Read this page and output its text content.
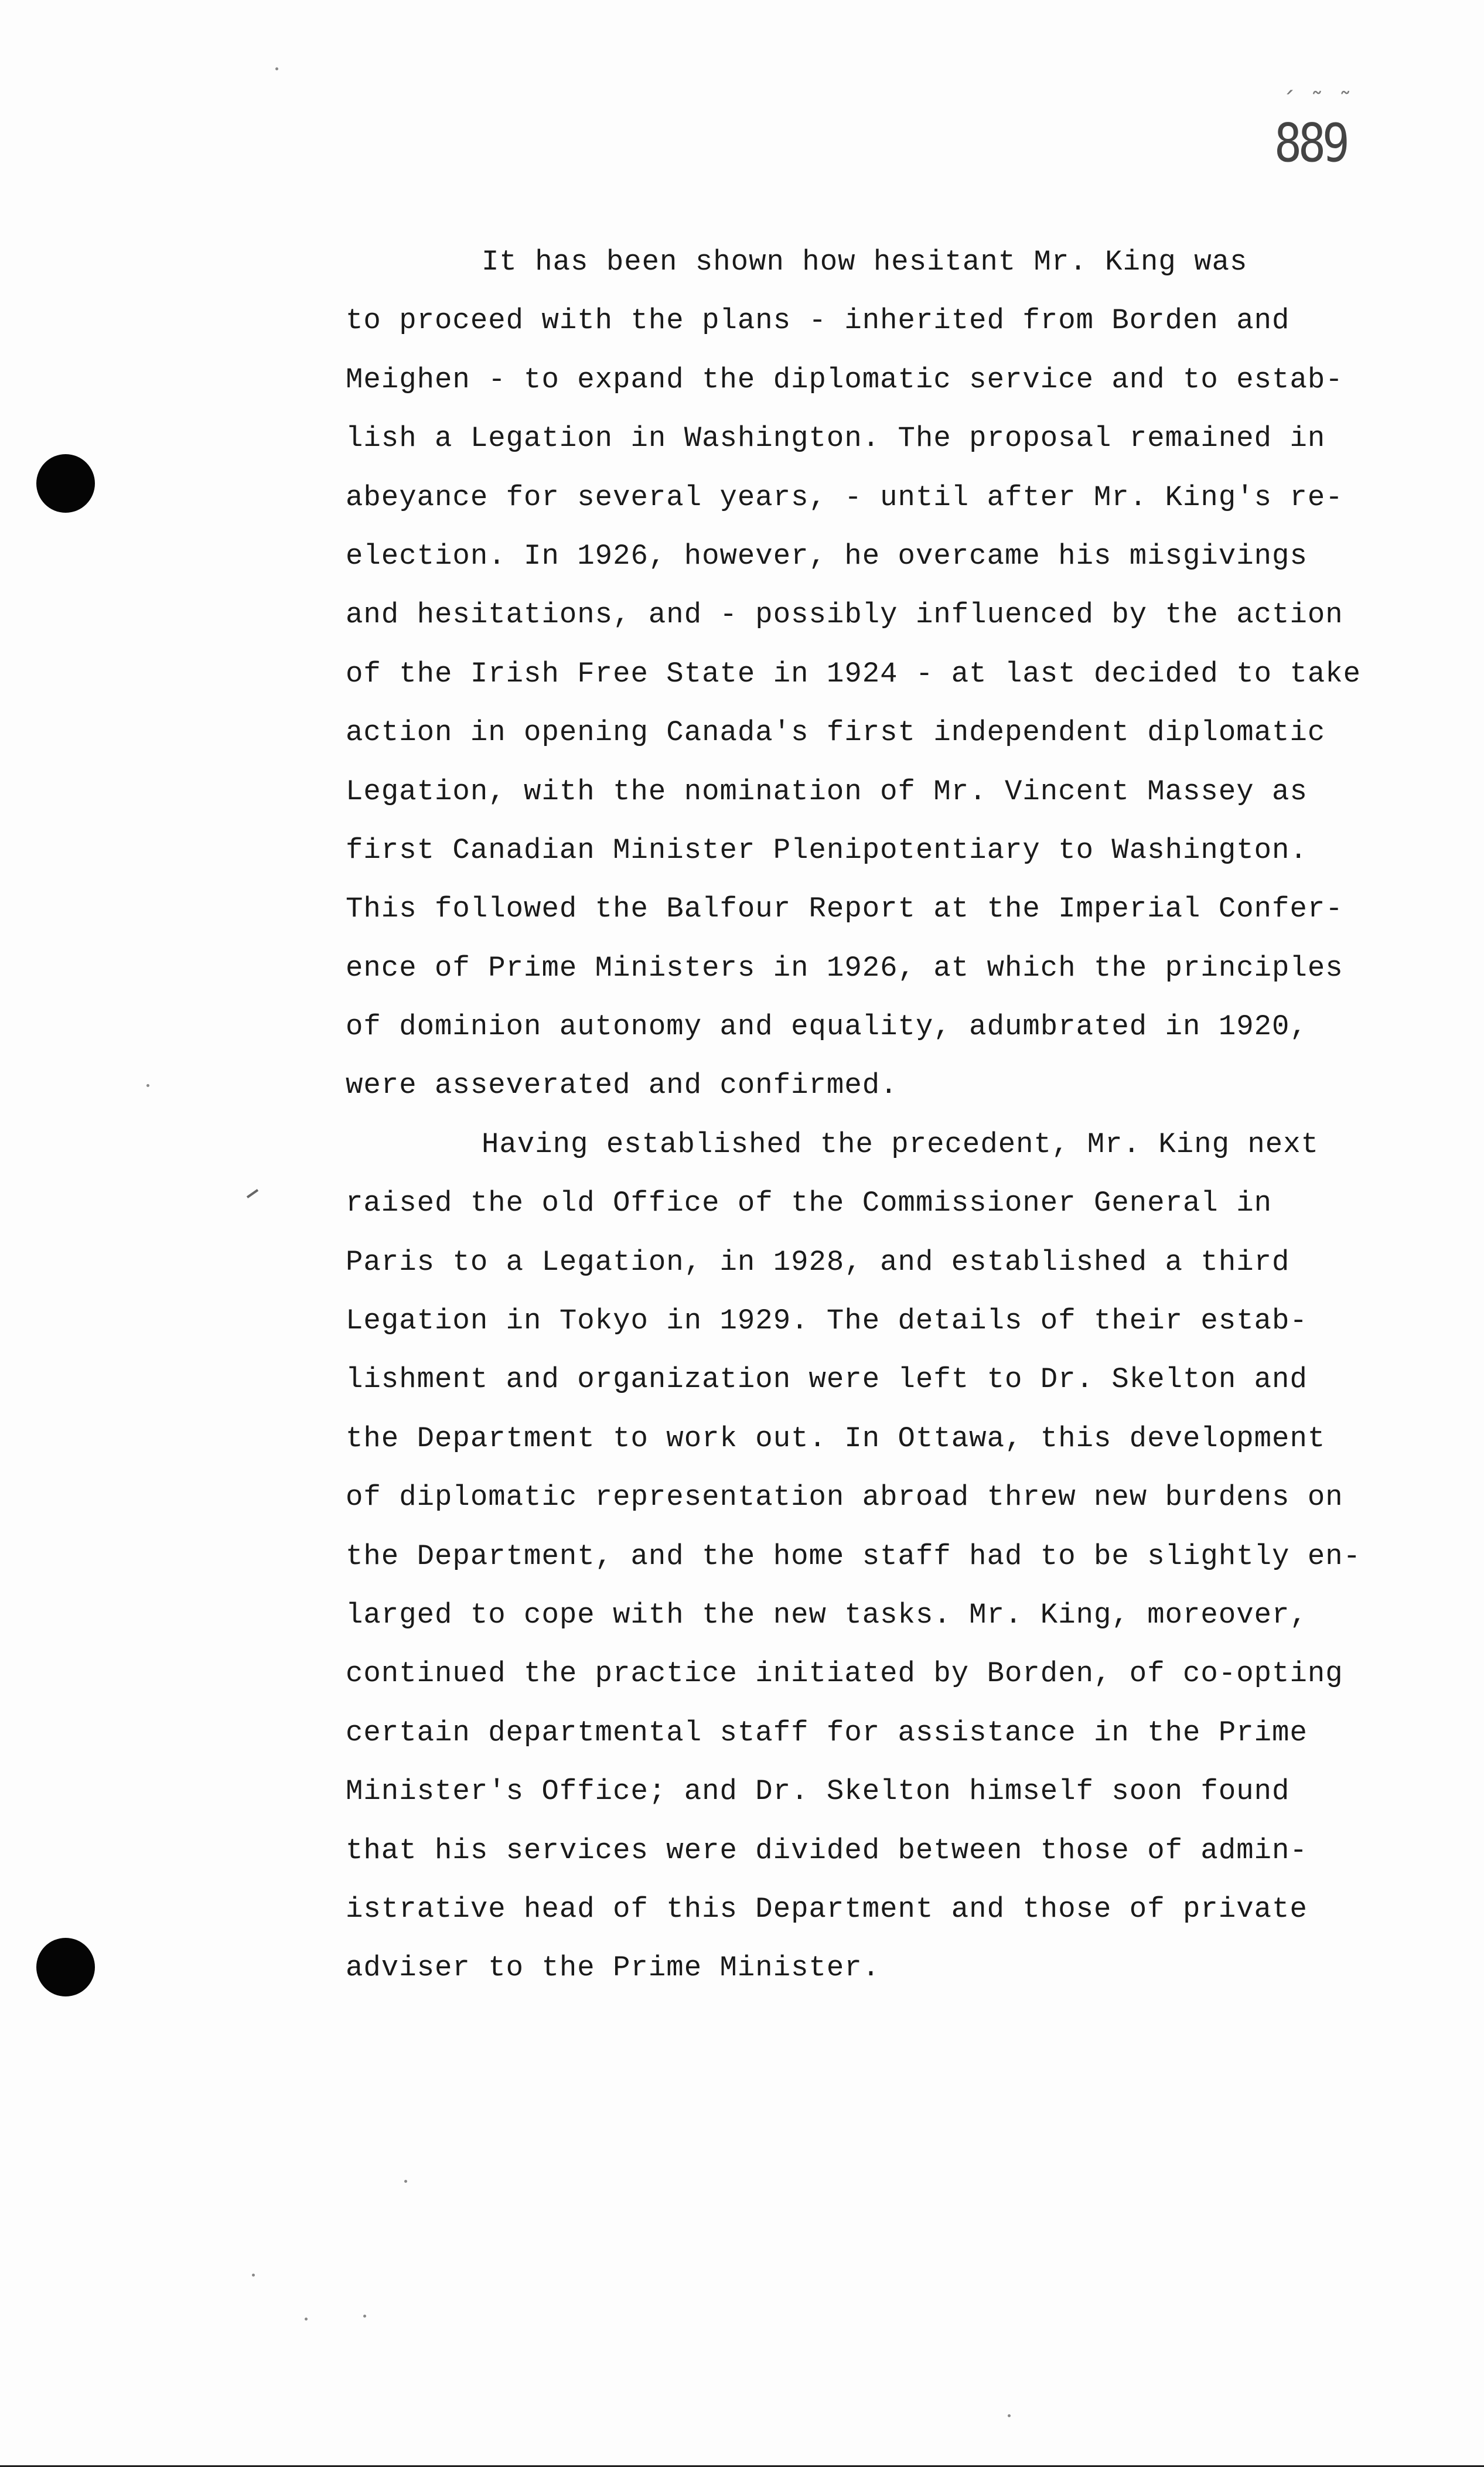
´ ˜ ˜
889
It has been shown how hesitant Mr. King was
to proceed with the plans - inherited from Borden and
Meighen - to expand the diplomatic service and to estab-
lish a Legation in Washington. The proposal remained in
abeyance for several years, - until after Mr. King's re-
election. In 1926, however, he overcame his misgivings
and hesitations, and - possibly influenced by the action
of the Irish Free State in 1924 - at last decided to take
action in opening Canada's first independent diplomatic
Legation, with the nomination of Mr. Vincent Massey as
first Canadian Minister Plenipotentiary to Washington.
This followed the Balfour Report at the Imperial Confer-
ence of Prime Ministers in 1926, at which the principles
of dominion autonomy and equality, adumbrated in 1920,
were asseverated and confirmed.
Having established the precedent, Mr. King next
raised the old Office of the Commissioner General in
Paris to a Legation, in 1928, and established a third
Legation in Tokyo in 1929. The details of their estab-
lishment and organization were left to Dr. Skelton and
the Department to work out. In Ottawa, this development
of diplomatic representation abroad threw new burdens on
the Department, and the home staff had to be slightly en-
larged to cope with the new tasks. Mr. King, moreover,
continued the practice initiated by Borden, of co-opting
certain departmental staff for assistance in the Prime
Minister's Office; and Dr. Skelton himself soon found
that his services were divided between those of admin-
istrative head of this Department and those of private
adviser to the Prime Minister.
